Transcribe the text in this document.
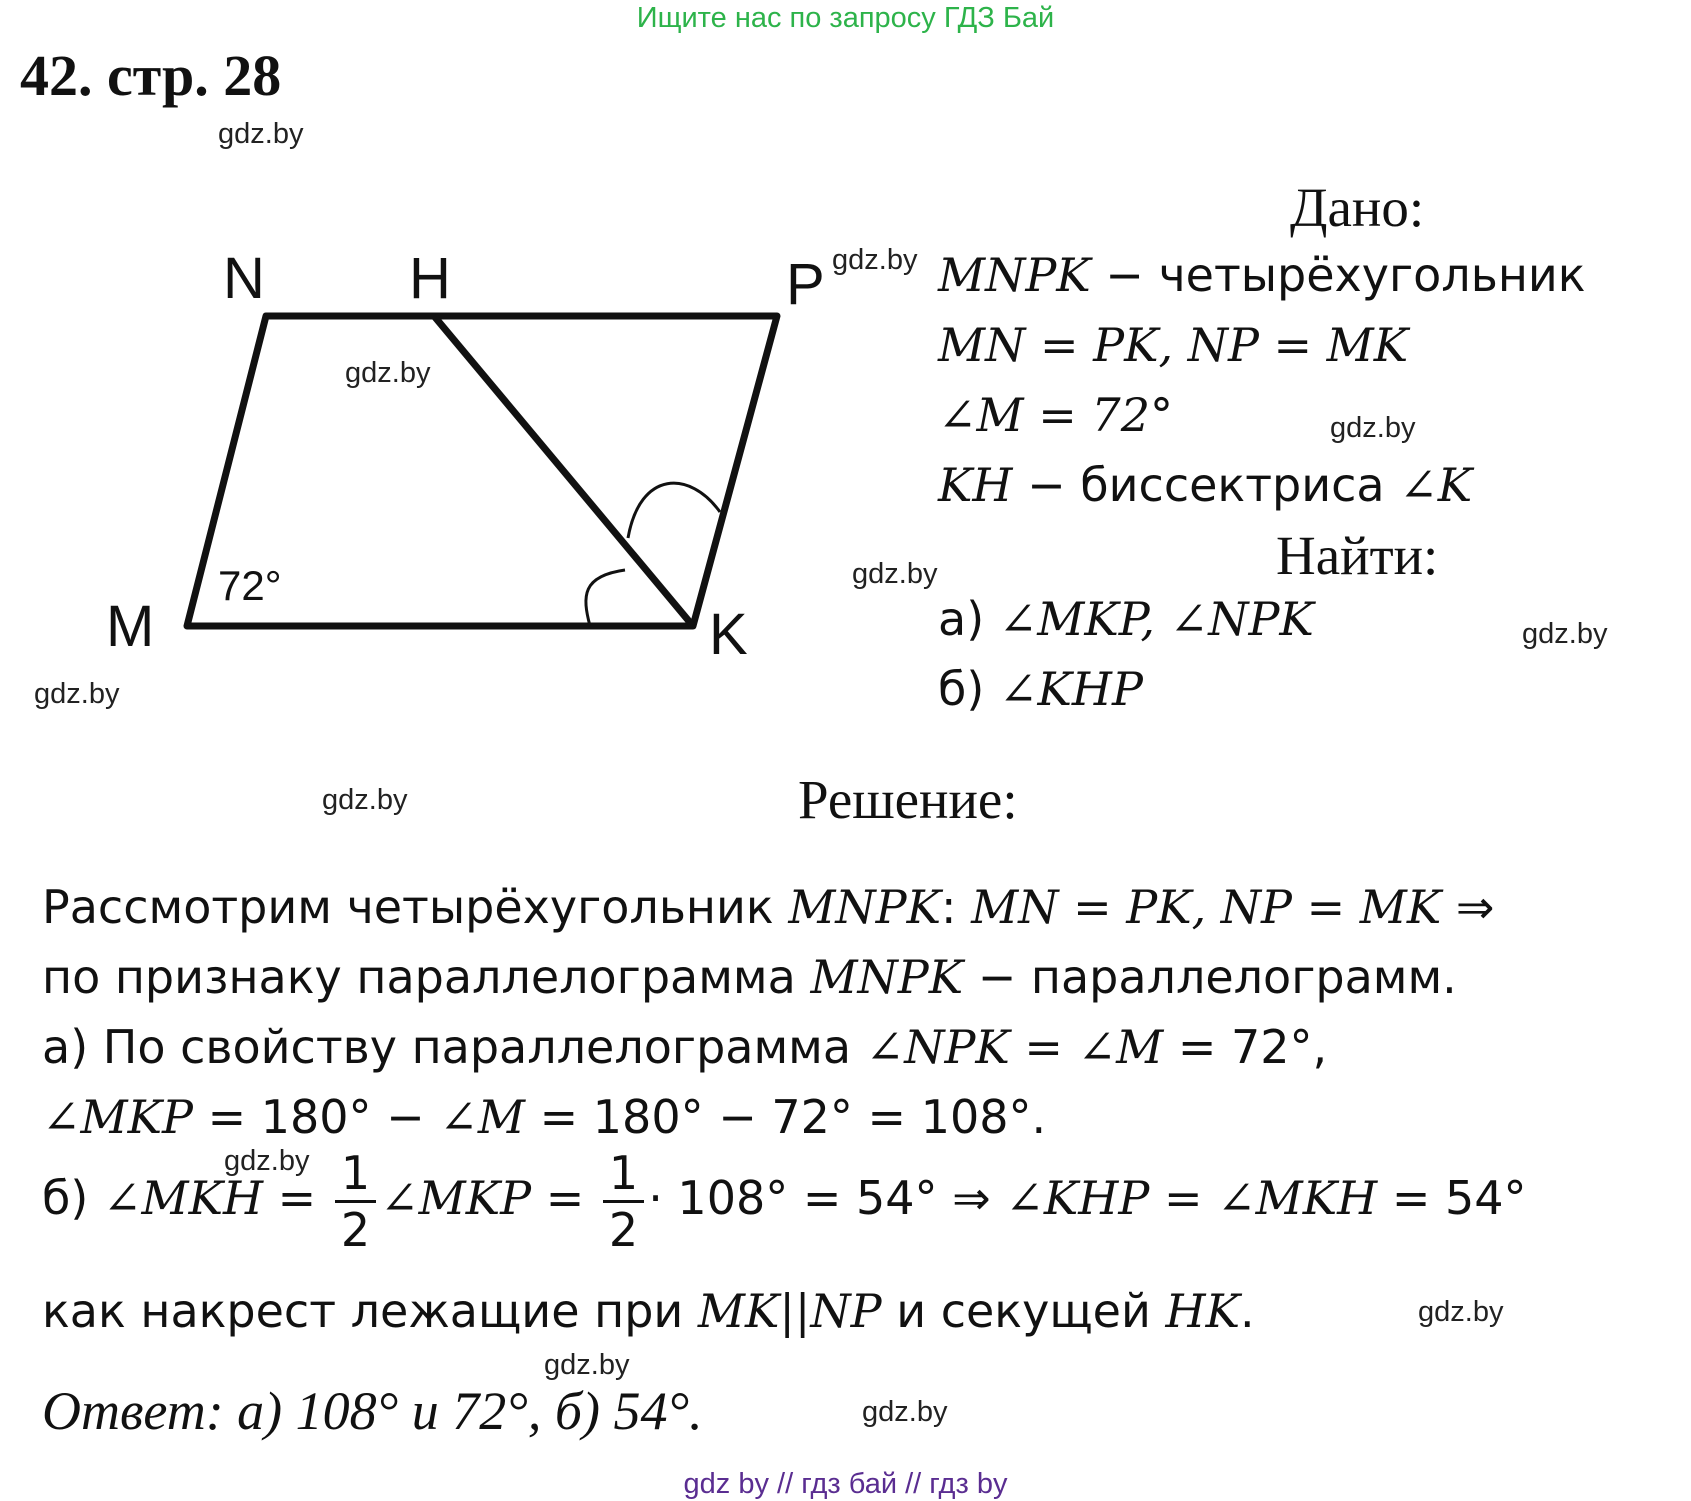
Ищите нас по запросу ГДЗ Бай
42. стр. 28
gdz.by
gdz.by
gdz.by
gdz.by
gdz.by
gdz.by
gdz.by
gdz.by
gdz.by
gdz.by
gdz.by
gdz.by
N H	P
M	K
72°
Дано:
MNPK − четырёхугольник
MN = PK, NP = MK
∠M = 72°
KH − биссектриса ∠K
Найти:
а) ∠MKP, ∠NPK
б) ∠KHP
Решение:
Рассмотрим четырёхугольник MNPK: MN = PK, NP = MK ⇒
по признаку параллелограмма MNPK − параллелограмм.
а) По свойству параллелограмма ∠NPK = ∠M = 72°,
∠MKP = 180° − ∠M = 180° − 72° = 108°.
б) ∠MKH = $\frac{1}{2}$ ∠MKP = $\frac{1}{2} \cdot 108^\circ = 54^\circ$ ⇒ ∠KHP = ∠MKH = 54°
как накрест лежащие при MK||NP и секущей HK.
Ответ: а) 108° и 72°, б) 54°.
gdz by // гдз бай // гдз by
